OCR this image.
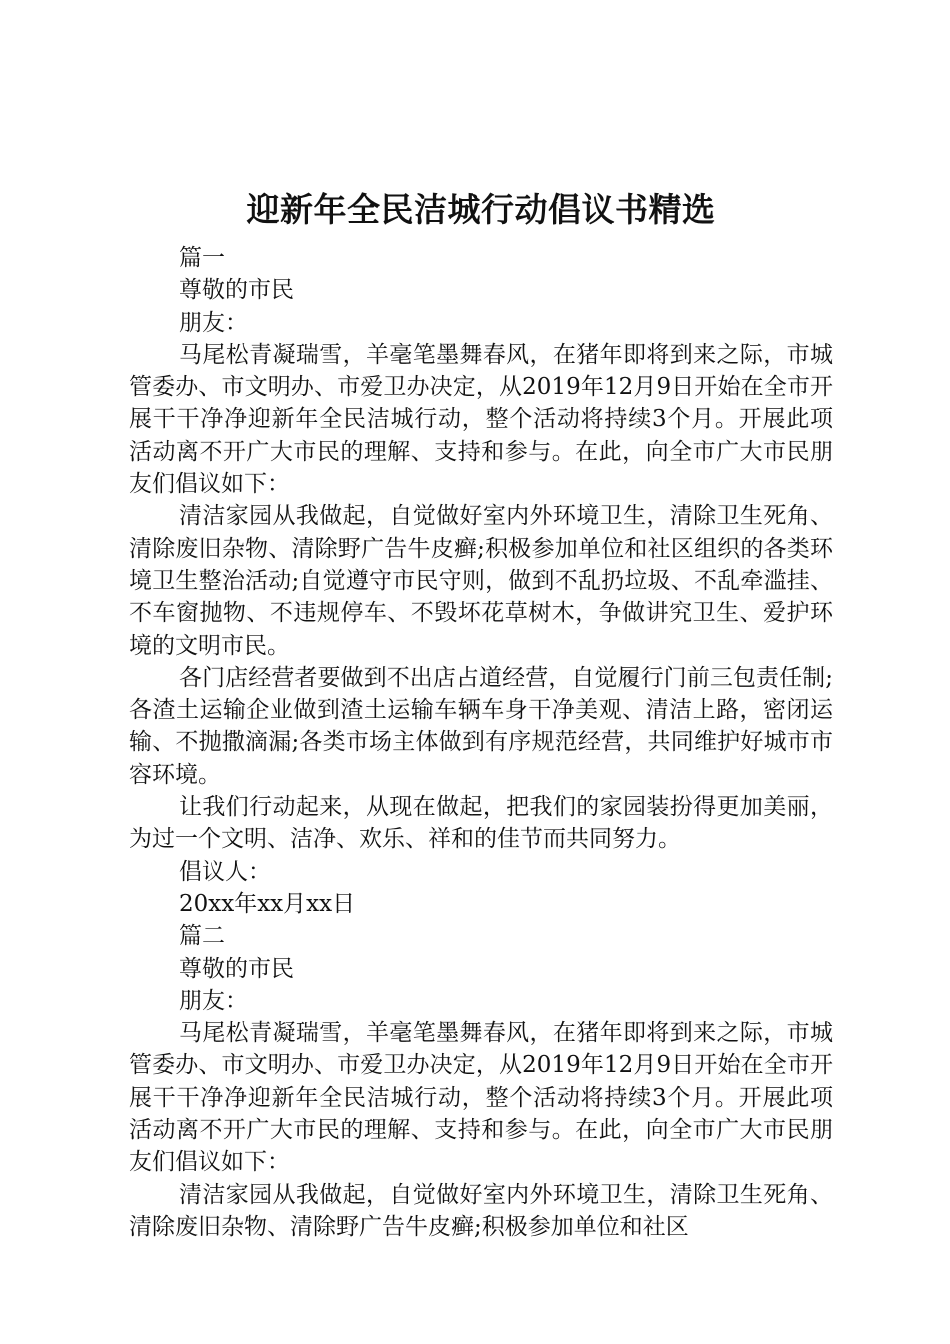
迎新年全民洁城行动倡议书精选

篇一

尊敬的市民

朋友：

马尾松青凝瑞雪，羊毫笔墨舞春风，在猪年即将到来之际，市城管委办、市文明办、市爱卫办决定，从2019年12月9日开始在全市开展干干净净迎新年全民洁城行动，整个活动将持续3个月。开展此项活动离不开广大市民的理解、支持和参与。在此，向全市广大市民朋友们倡议如下：

清洁家园从我做起，自觉做好室内外环境卫生，清除卫生死角、清除废旧杂物、清除野广告牛皮癣;积极参加单位和社区组织的各类环境卫生整治活动;自觉遵守市民守则，做到不乱扔垃圾、不乱牵滥挂、不车窗抛物、不违规停车、不毁坏花草树木，争做讲究卫生、爱护环境的文明市民。

各门店经营者要做到不出店占道经营，自觉履行门前三包责任制;各渣土运输企业做到渣土运输车辆车身干净美观、清洁上路，密闭运输、不抛撒滴漏;各类市场主体做到有序规范经营，共同维护好城市市容环境。

让我们行动起来，从现在做起，把我们的家园装扮得更加美丽，为过一个文明、洁净、欢乐、祥和的佳节而共同努力。

倡议人：

20xx年xx月xx日

篇二

尊敬的市民

朋友：

马尾松青凝瑞雪，羊毫笔墨舞春风，在猪年即将到来之际，市城管委办、市文明办、市爱卫办决定，从2019年12月9日开始在全市开展干干净净迎新年全民洁城行动，整个活动将持续3个月。开展此项活动离不开广大市民的理解、支持和参与。在此，向全市广大市民朋友们倡议如下：

清洁家园从我做起，自觉做好室内外环境卫生，清除卫生死角、清除废旧杂物、清除野广告牛皮癣;积极参加单位和社区
